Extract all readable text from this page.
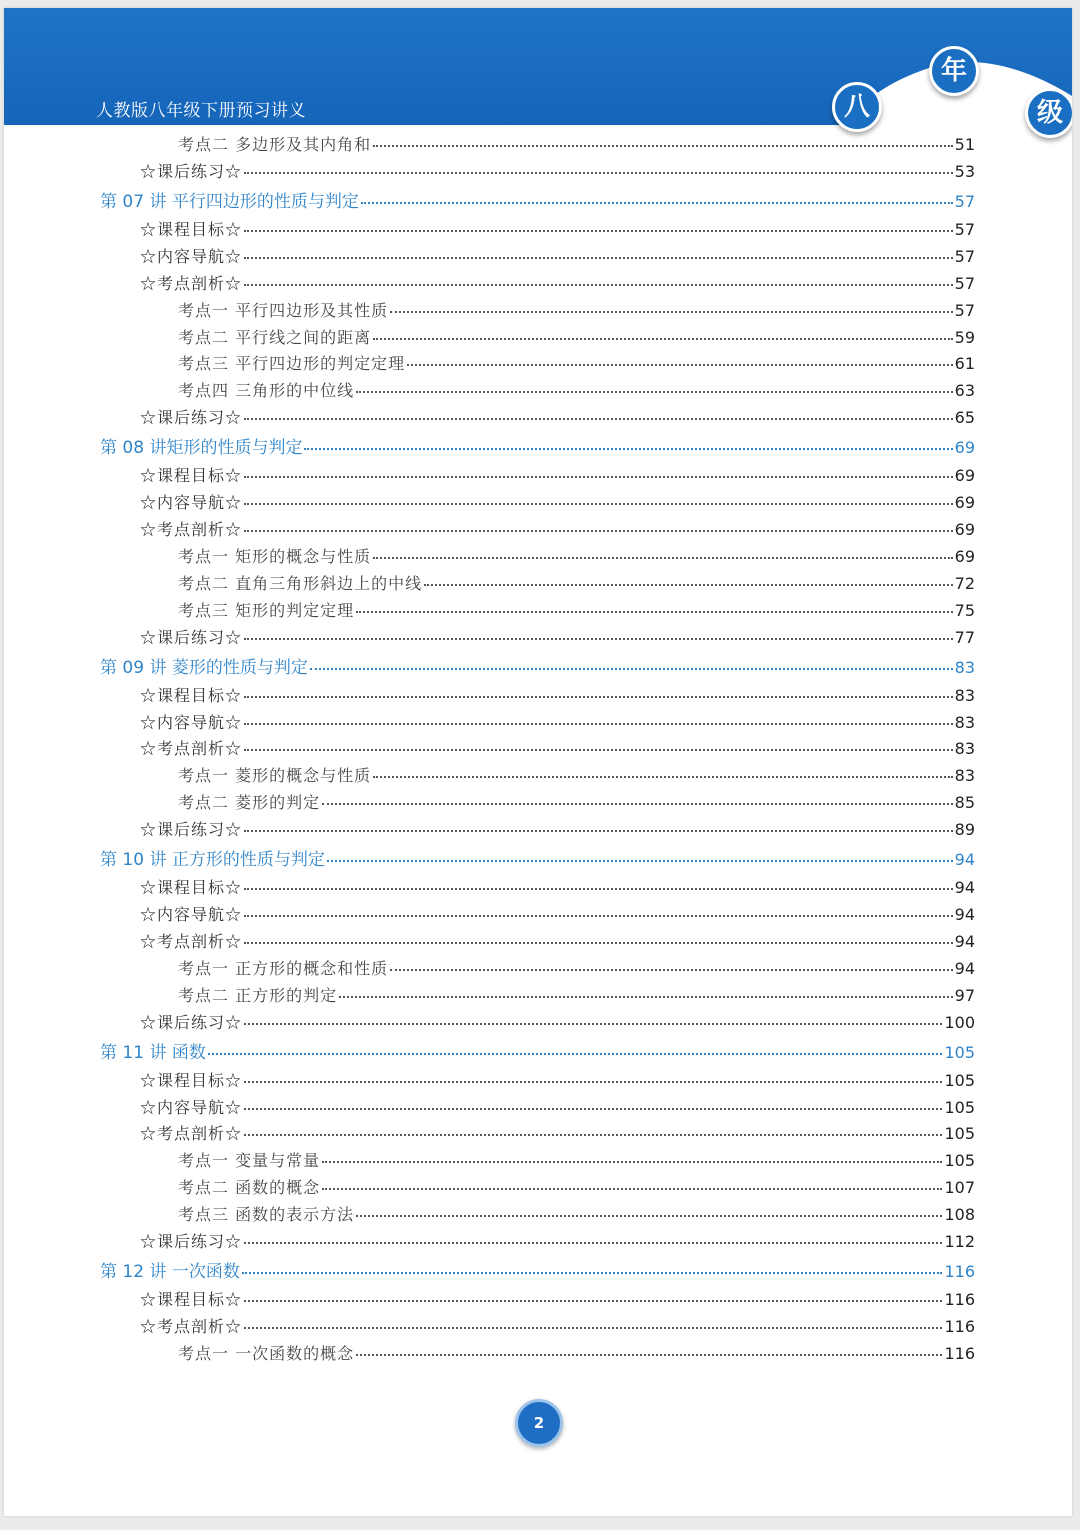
人教版八年级下册预习讲义	八
年
级
考点二 多边形及其内角和	51
☆课后练习☆	53
第 07 讲 平行四边形的性质与判定	57
☆课程目标☆	57
☆内容导航☆	57
☆考点剖析☆	57
考点一 平行四边形及其性质	57
考点二 平行线之间的距离	59
考点三 平行四边形的判定定理	61
考点四 三角形的中位线	63
☆课后练习☆	65
第 08 讲矩形的性质与判定	69
☆课程目标☆	69
☆内容导航☆	69
☆考点剖析☆	69
考点一 矩形的概念与性质	69
考点二 直角三角形斜边上的中线	72
考点三 矩形的判定定理	75
☆课后练习☆	77
第 09 讲 菱形的性质与判定	83
☆课程目标☆	83
☆内容导航☆	83
☆考点剖析☆	83
考点一 菱形的概念与性质	83
考点二 菱形的判定	85
☆课后练习☆	89
第 10 讲 正方形的性质与判定	94
☆课程目标☆	94
☆内容导航☆	94
☆考点剖析☆	94
考点一 正方形的概念和性质	94
考点二 正方形的判定	97
☆课后练习☆	100
第 11 讲 函数	105
☆课程目标☆	105
☆内容导航☆	105
☆考点剖析☆	105
考点一 变量与常量	105
考点二 函数的概念	107
考点三 函数的表示方法	108
☆课后练习☆	112
第 12 讲 一次函数	116
☆课程目标☆	116
☆考点剖析☆	116
考点一 一次函数的概念	116
2
